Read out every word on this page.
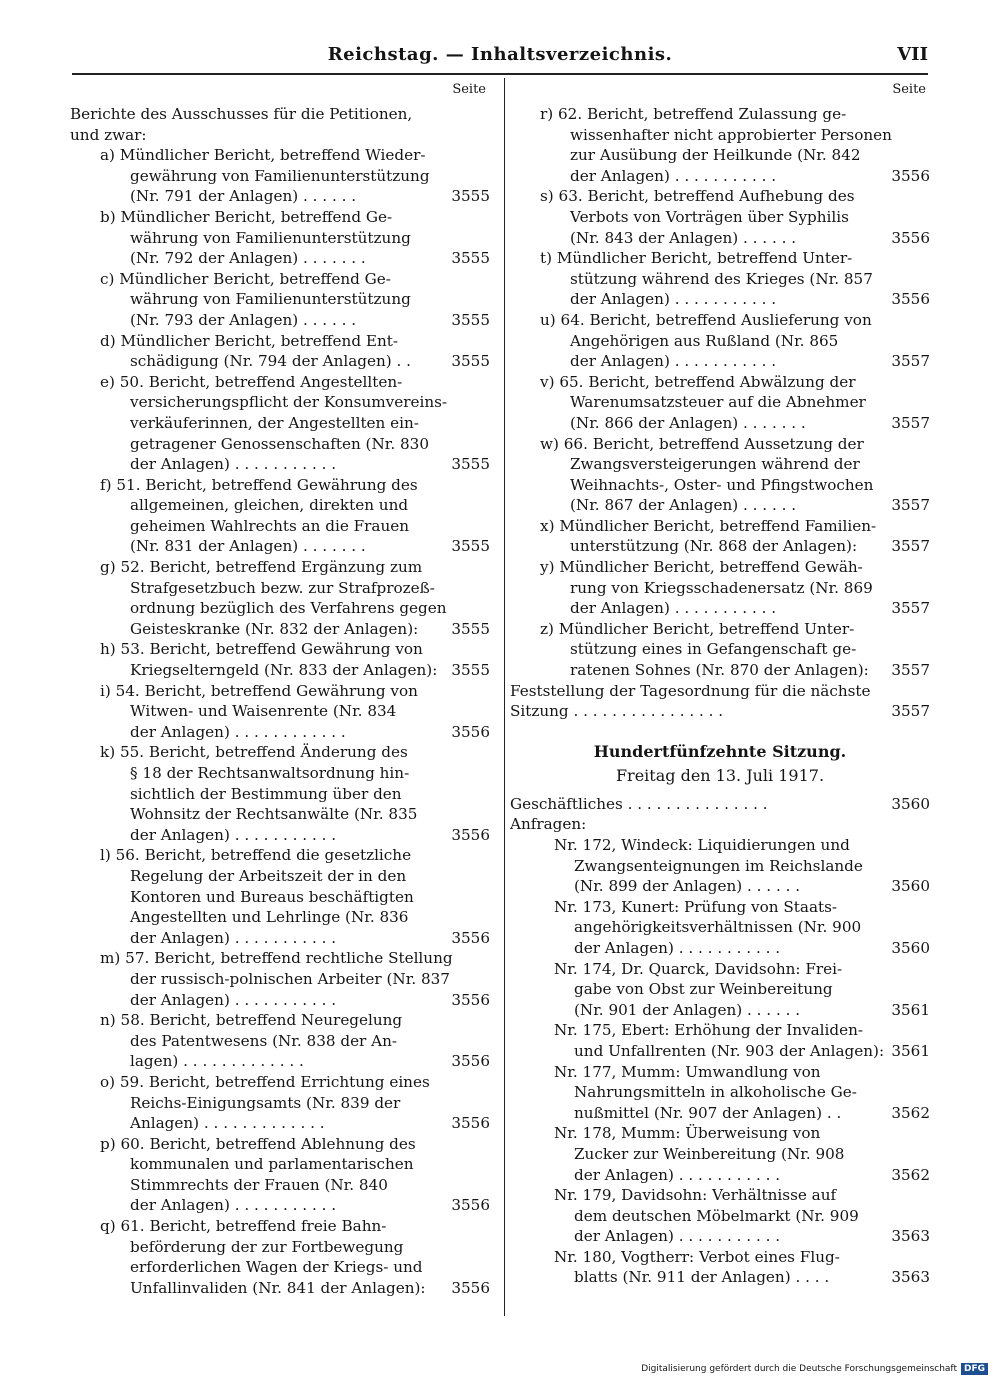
Reichstag. — Inhaltsverzeichnis.	VII
Seite
Berichte des Ausschusses für die Petitionen,
und zwar:
a) Mündlicher Bericht, betreffend Wieder-
gewährung von Familienunterstützung
(Nr. 791 der Anlagen) . . . . . .	3555
b) Mündlicher Bericht, betreffend Ge-
währung von Familienunterstützung
(Nr. 792 der Anlagen) . . . . . . .	3555
c) Mündlicher Bericht, betreffend Ge-
währung von Familienunterstützung
(Nr. 793 der Anlagen) . . . . . .	3555
d) Mündlicher Bericht, betreffend Ent-
schädigung (Nr. 794 der Anlagen) . .	3555
e) 50. Bericht, betreffend Angestellten-
versicherungspflicht der Konsumvereins-
verkäuferinnen, der Angestellten ein-
getragener Genossenschaften (Nr. 830
der Anlagen) . . . . . . . . . . .	3555
f) 51. Bericht, betreffend Gewährung des
allgemeinen, gleichen, direkten und
geheimen Wahlrechts an die Frauen
(Nr. 831 der Anlagen) . . . . . . .	3555
g) 52. Bericht, betreffend Ergänzung zum
Strafgesetzbuch bezw. zur Strafprozeß-
ordnung bezüglich des Verfahrens gegen
Geisteskranke (Nr. 832 der Anlagen): 3555
h) 53. Bericht, betreffend Gewährung von
Kriegselterngeld (Nr. 833 der Anlagen): 3555
i) 54. Bericht, betreffend Gewährung von
Witwen- und Waisenrente (Nr. 834
der Anlagen) . . . . . . . . . . . .	3556
k) 55. Bericht, betreffend Änderung des
§ 18 der Rechtsanwaltsordnung hin-
sichtlich der Bestimmung über den
Wohnsitz der Rechtsanwälte (Nr. 835
der Anlagen) . . . . . . . . . . .	3556
l) 56. Bericht, betreffend die gesetzliche
Regelung der Arbeitszeit der in den
Kontoren und Bureaus beschäftigten
Angestellten und Lehrlinge (Nr. 836
der Anlagen) . . . . . . . . . . .	3556
m) 57. Bericht, betreffend rechtliche Stellung
der russisch-polnischen Arbeiter (Nr. 837
der Anlagen) . . . . . . . . . . .	3556
n) 58. Bericht, betreffend Neuregelung
des Patentwesens (Nr. 838 der An-
lagen) . . . . . . . . . . . . .	3556
o) 59. Bericht, betreffend Errichtung eines
Reichs-Einigungsamts (Nr. 839 der
Anlagen) . . . . . . . . . . . . .	3556
p) 60. Bericht, betreffend Ablehnung des
kommunalen und parlamentarischen
Stimmrechts der Frauen (Nr. 840
der Anlagen) . . . . . . . . . . .	3556
q) 61. Bericht, betreffend freie Bahn-
beförderung der zur Fortbewegung
erforderlichen Wagen der Kriegs- und
Unfallinvaliden (Nr. 841 der Anlagen): 3556
Seite
r) 62. Bericht, betreffend Zulassung ge-
wissenhafter nicht approbierter Personen
zur Ausübung der Heilkunde (Nr. 842
der Anlagen) . . . . . . . . . . .	3556
s) 63. Bericht, betreffend Aufhebung des
Verbots von Vorträgen über Syphilis
(Nr. 843 der Anlagen) . . . . . .	3556
t) Mündlicher Bericht, betreffend Unter-
stützung während des Krieges (Nr. 857
der Anlagen) . . . . . . . . . . .	3556
u) 64. Bericht, betreffend Auslieferung von
Angehörigen aus Rußland (Nr. 865
der Anlagen) . . . . . . . . . . .	3557
v) 65. Bericht, betreffend Abwälzung der
Warenumsatzsteuer auf die Abnehmer
(Nr. 866 der Anlagen) . . . . . . .	3557
w) 66. Bericht, betreffend Aussetzung der
Zwangsversteigerungen während der
Weihnachts-, Oster- und Pfingstwochen
(Nr. 867 der Anlagen) . . . . . .	3557
x) Mündlicher Bericht, betreffend Familien-
unterstützung (Nr. 868 der Anlagen): 3557
y) Mündlicher Bericht, betreffend Gewäh-
rung von Kriegsschadenersatz (Nr. 869
der Anlagen) . . . . . . . . . . .	3557
z) Mündlicher Bericht, betreffend Unter-
stützung eines in Gefangenschaft ge-
ratenen Sohnes (Nr. 870 der Anlagen): 3557
Feststellung der Tagesordnung für die nächste
Sitzung . . . . . . . . . . . . . . . .	3557
Hundertfünfzehnte Sitzung.
Freitag den 13. Juli 1917.
Geschäftliches . . . . . . . . . . . . . . .	3560
Anfragen:
Nr. 172, Windeck: Liquidierungen und
Zwangsenteignungen im Reichslande
(Nr. 899 der Anlagen) . . . . . .	3560
Nr. 173, Kunert: Prüfung von Staats-
angehörigkeitsverhältnissen (Nr. 900
der Anlagen) . . . . . . . . . . .	3560
Nr. 174, Dr. Quarck, Davidsohn: Frei-
gabe von Obst zur Weinbereitung
(Nr. 901 der Anlagen) . . . . . .	3561
Nr. 175, Ebert: Erhöhung der Invaliden-
und Unfallrenten (Nr. 903 der Anlagen): 3561
Nr. 177, Mumm: Umwandlung von
Nahrungsmitteln in alkoholische Ge-
nußmittel (Nr. 907 der Anlagen) . .	3562
Nr. 178, Mumm: Überweisung von
Zucker zur Weinbereitung (Nr. 908
der Anlagen) . . . . . . . . . . .	3562
Nr. 179, Davidsohn: Verhältnisse auf
dem deutschen Möbelmarkt (Nr. 909
der Anlagen) . . . . . . . . . . .	3563
Nr. 180, Vogtherr: Verbot eines Flug-
blatts (Nr. 911 der Anlagen) . . . .	3563
Digitalisierung gefördert durch die Deutsche Forschungsgemeinschaft DFG
